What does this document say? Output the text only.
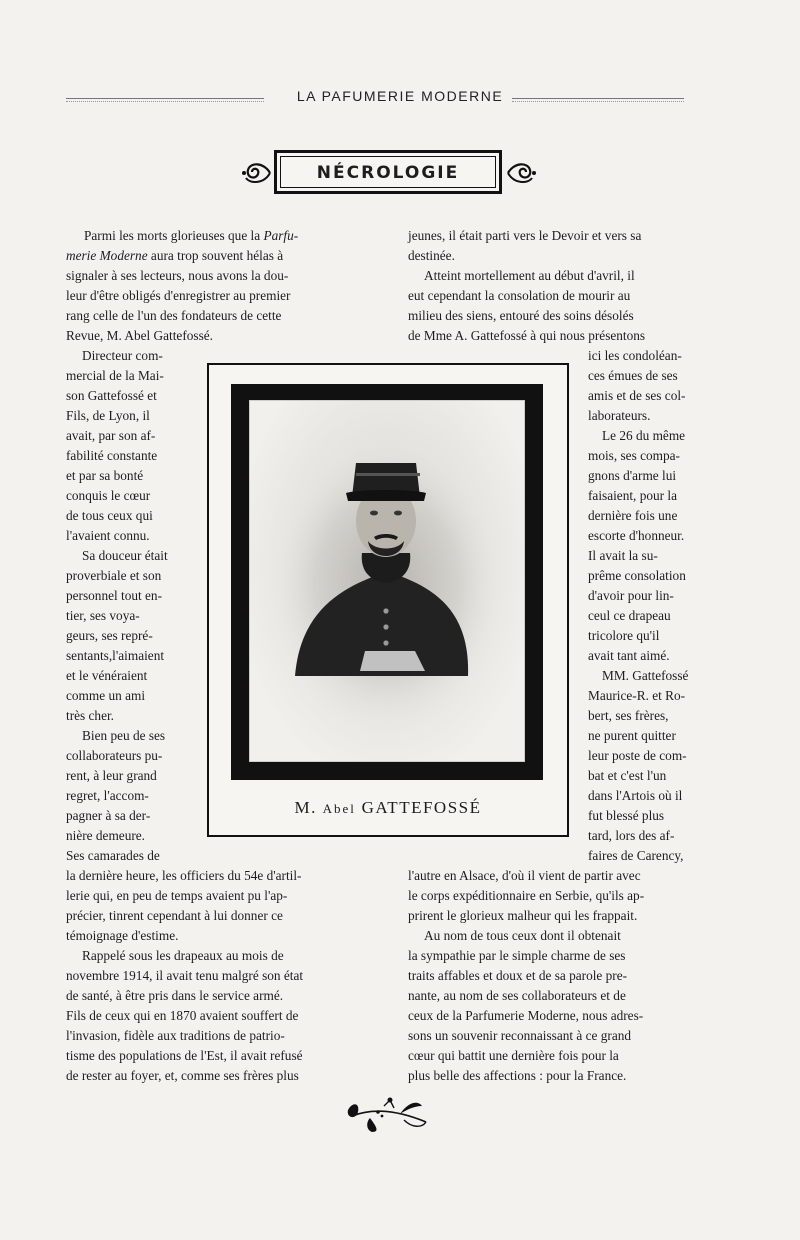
LA PAFUMERIE MODERNE
NÉCROLOGIE
Parmi les morts glorieuses que la Parfu-
merie Moderne aura trop souvent hélas à
signaler à ses lecteurs, nous avons la dou-
leur d'être obligés d'enregistrer au premier
rang celle de l'un des fondateurs de cette
Revue, M. Abel Gattefossé.
Directeur com-
mercial de la Mai-
son Gattefossé et
Fils, de Lyon, il
avait, par son af-
fabilité constante
et par sa bonté
conquis le cœur
de tous ceux qui
l'avaient connu.
Sa douceur était
proverbiale et son
personnel tout en-
tier, ses voya-
geurs, ses repré-
sentants,l'aimaient
et le vénéraient
comme un ami
très cher.
Bien peu de ses
collaborateurs pu-
rent, à leur grand
regret, l'accom-
pagner à sa der-
nière demeure.
Ses camarades de
la dernière heure, les officiers du 54e d'artil-
lerie qui, en peu de temps avaient pu l'ap-
précier, tinrent cependant à lui donner ce
témoignage d'estime.
Rappelé sous les drapeaux au mois de
novembre 1914, il avait tenu malgré son état
de santé, à être pris dans le service armé.
Fils de ceux qui en 1870 avaient souffert de
l'invasion, fidèle aux traditions de patrio-
tisme des populations de l'Est, il avait refusé
de rester au foyer, et, comme ses frères plus
jeunes, il était parti vers le Devoir et vers sa
destinée.
Atteint mortellement au début d'avril, il
eut cependant la consolation de mourir au
milieu des siens, entouré des soins désolés
de Mme A. Gattefossé à qui nous présentons
ici les condoléan-
ces émues de ses
amis et de ses col-
laborateurs.
Le 26 du même
mois, ses compa-
gnons d'arme lui
faisaient, pour la
dernière fois une
escorte d'honneur.
Il avait la su-
prême consolation
d'avoir pour lin-
ceul ce drapeau
tricolore qu'il
avait tant aimé.
MM. Gattefossé
Maurice-R. et Ro-
bert, ses frères,
ne purent quitter
leur poste de com-
bat et c'est l'un
dans l'Artois où il
fut blessé plus
tard, lors des af-
faires de Carency,
l'autre en Alsace, d'où il vient de partir avec
le corps expéditionnaire en Serbie, qu'ils ap-
prirent le glorieux malheur qui les frappait.
Au nom de tous ceux dont il obtenait
la sympathie par le simple charme de ses
traits affables et doux et de sa parole pre-
nante, au nom de ses collaborateurs et de
ceux de la Parfumerie Moderne, nous adres-
sons un souvenir reconnaissant à ce grand
cœur qui battit une dernière fois pour la
plus belle des affections : pour la France.
M. Abel GATTEFOSSÉ
